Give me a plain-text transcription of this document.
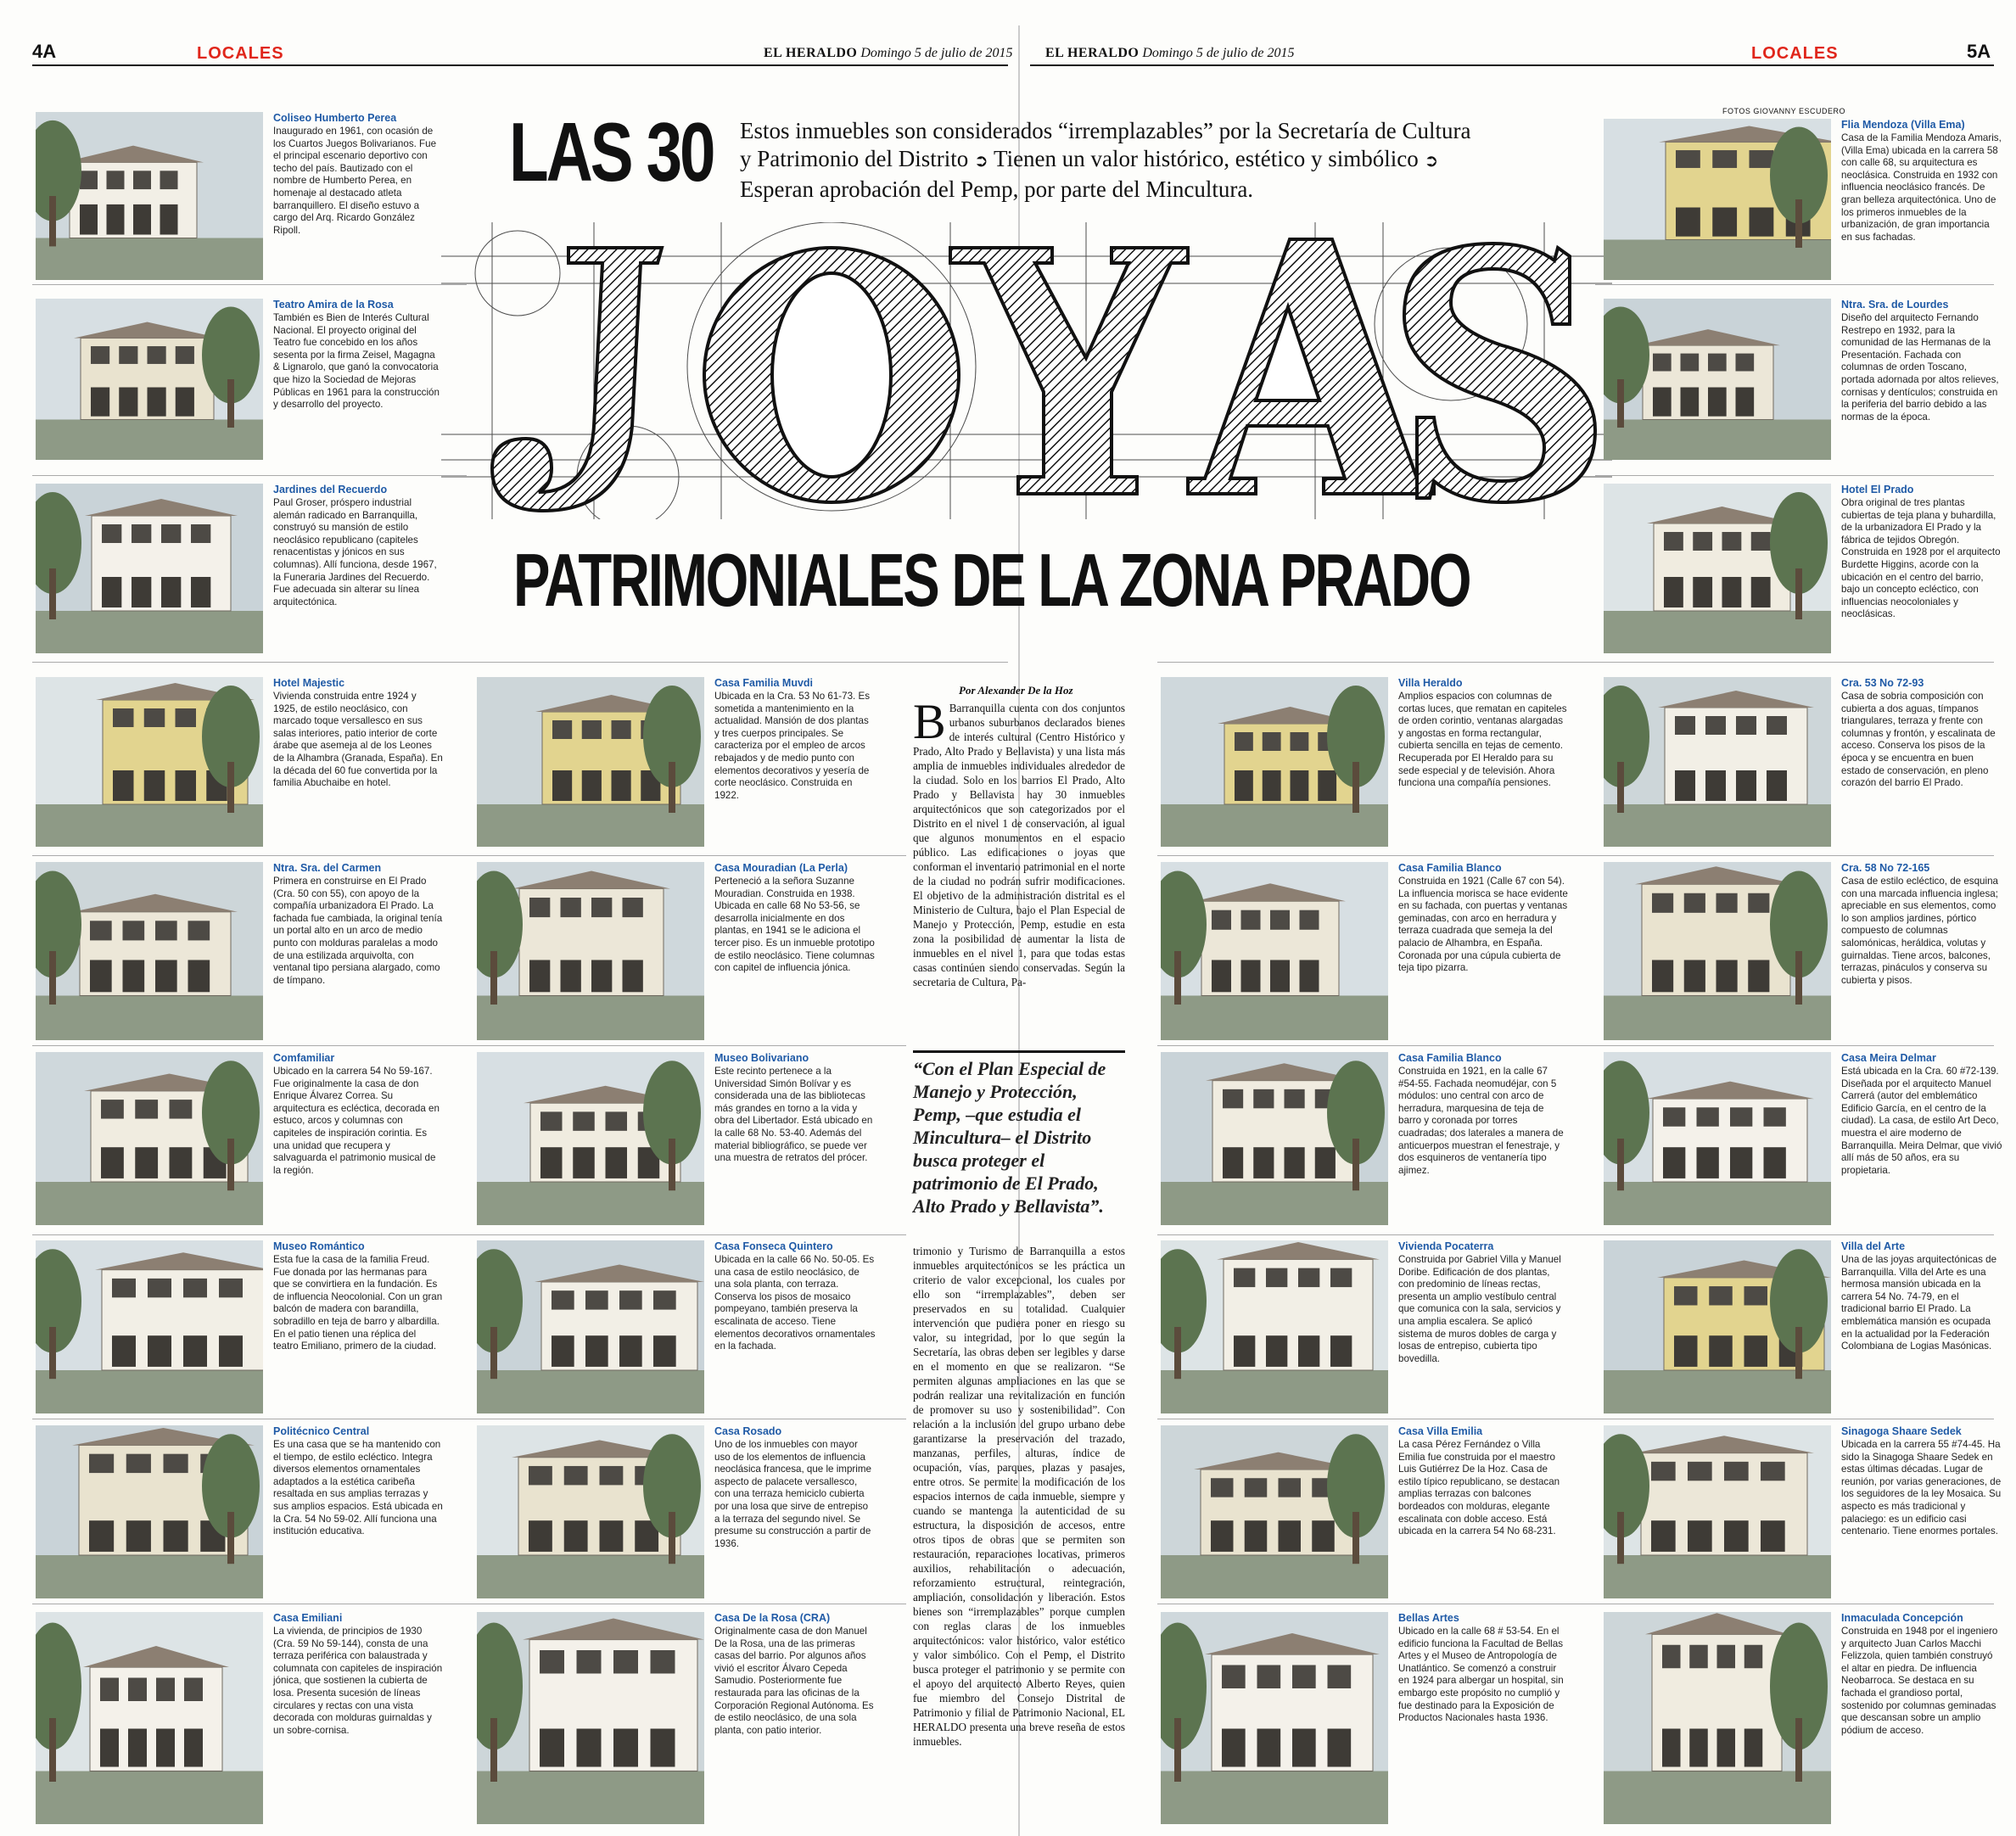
4A	LOCALES	EL HERALDO Domingo 5 de julio de 2015 EL HERALDO Domingo 5 de julio de 2015	LOCALES	5A
LAS 30 Estos inmuebles son considerados “irremplazables” por la Secretaría de Cultura y Patrimonio del Distrito ➲ Tienen un valor histórico, estético y simbólico ➲ Esperan aprobación del Pemp, por parte del Mincultura.
PATRIMONIALES DE LA ZONA PRADO
FOTOS GIOVANNY ESCUDERO
Por Alexander De la Hoz
B Barranquilla cuenta con dos conjuntos urbanos suburbanos declarados bienes de interés cultural (Centro Histórico y Prado, Alto Prado y Bellavista) y una lista más amplia de inmuebles individuales alrededor de la ciudad. Solo en los barrios El Prado, Alto Prado y Bellavista hay 30 inmuebles arquitectónicos que son categorizados por el Distrito en el nivel 1 de conservación, al igual que algunos monumentos en el espacio público. Las edificaciones o joyas que conforman el inventario patrimonial en el norte de la ciudad no podrán sufrir modificaciones. El objetivo de la administración distrital es el Ministerio de Cultura, bajo el Plan Especial de Manejo y Protección, Pemp, estudie en esta zona la posibilidad de aumentar la lista de inmuebles en el nivel 1, para que todas estas casas continúen siendo conservadas. Según la secretaria de Cultura, Pa-
“Con el Plan Especial de Manejo y Protección, Pemp, –que estudia el Mincultura– el Distrito busca proteger el patrimonio de El Prado, Alto Prado y Bellavista”.
trimonio y Turismo de Barranquilla a estos inmuebles arquitectónicos se les práctica un criterio de valor excepcional, los cuales por ello son “irremplazables”, deben ser preservados en su totalidad. Cualquier intervención que pudiera poner en riesgo su valor, su integridad, por lo que según la Secretaría, las obras deben ser legibles y darse en el momento en que se realizaron. “Se permiten algunas ampliaciones en las que se podrán realizar una revitalización en función de promover su uso y sostenibilidad”. Con relación a la inclusión del grupo urbano debe garantizarse la preservación del trazado, manzanas, perfiles, alturas, índice de ocupación, vías, parques, plazas y pasajes, entre otros. Se permite la modificación de los espacios internos de cada inmueble, siempre y cuando se mantenga la autenticidad de su estructura, la disposición de accesos, entre otros tipos de obras que se permiten son restauración, reparaciones locativas, primeros auxilios, rehabilitación o adecuación, reforzamiento estructural, reintegración, ampliación, consolidación y liberación. Estos bienes son “irremplazables” porque cumplen con reglas claras de los inmuebles arquitectónicos: valor histórico, valor estético y valor simbólico. Con el Pemp, el Distrito busca proteger el patrimonio y se permite con el apoyo del arquitecto Alberto Reyes, quien fue miembro del Consejo Distrital de Patrimonio y filial de Patrimonio Nacional, EL HERALDO presenta una breve reseña de estos inmuebles.
Coliseo Humberto Perea
Inaugurado en 1961, con ocasión de los Cuartos Juegos Bolivarianos. Fue el principal escenario deportivo con techo del país. Bautizado con el nombre de Humberto Perea, en homenaje al destacado atleta barranquillero. El diseño estuvo a cargo del Arq. Ricardo González Ripoll.
Teatro Amira de la Rosa
También es Bien de Interés Cultural Nacional. El proyecto original del Teatro fue concebido en los años sesenta por la firma Zeisel, Magagna & Lignarolo, que ganó la convocatoria que hizo la Sociedad de Mejoras Públicas en 1961 para la construcción y desarrollo del proyecto.
Jardines del Recuerdo
Paul Groser, próspero industrial alemán radicado en Barranquilla, construyó su mansión de estilo neoclásico republicano (capiteles renacentistas y jónicos en sus columnas). Allí funciona, desde 1967, la Funeraria Jardines del Recuerdo. Fue adecuada sin alterar su línea arquitectónica.
Hotel Majestic
Vivienda construida entre 1924 y 1925, de estilo neoclásico, con marcado toque versallesco en sus salas interiores, patio interior de corte árabe que asemeja al de los Leones de la Alhambra (Granada, España). En la década del 60 fue convertida por la familia Abuchaibe en hotel.
Ntra. Sra. del Carmen
Primera en construirse en El Prado (Cra. 50 con 55), con apoyo de la compañía urbanizadora El Prado. La fachada fue cambiada, la original tenía un portal alto en un arco de medio punto con molduras paralelas a modo de una estilizada arquivolta, con ventanal tipo persiana alargado, como de tímpano.
Comfamiliar
Ubicado en la carrera 54 No 59-167. Fue originalmente la casa de don Enrique Álvarez Correa. Su arquitectura es ecléctica, decorada en estuco, arcos y columnas con capiteles de inspiración corintia. Es una unidad que recupera y salvaguarda el patrimonio musical de la región.
Museo Romántico
Esta fue la casa de la familia Freud. Fue donada por las hermanas para que se convirtiera en la fundación. Es de influencia Neocolonial. Con un gran balcón de madera con barandilla, sobradillo en teja de barro y albardilla. En el patio tienen una réplica del teatro Emiliano, primero de la ciudad.
Politécnico Central
Es una casa que se ha mantenido con el tiempo, de estilo ecléctico. Integra diversos elementos ornamentales adaptados a la estética caribeña resaltada en sus amplias terrazas y sus amplios espacios. Está ubicada en la Cra. 54 No 59-02. Allí funciona una institución educativa.
Casa Emiliani
La vivienda, de principios de 1930 (Cra. 59 No 59-144), consta de una terraza periférica con balaustrada y columnata con capiteles de inspiración jónica, que sostienen la cubierta de losa. Presenta sucesión de líneas circulares y rectas con una vista decorada con molduras guirnaldas y un sobre-cornisa.
Casa Familia Muvdi
Ubicada en la Cra. 53 No 61-73. Es sometida a mantenimiento en la actualidad. Mansión de dos plantas y tres cuerpos principales. Se caracteriza por el empleo de arcos rebajados y de medio punto con elementos decorativos y yesería de corte neoclásico. Construida en 1922.
Casa Mouradian (La Perla)
Perteneció a la señora Suzanne Mouradian. Construida en 1938. Ubicada en calle 68 No 53-56, se desarrolla inicialmente en dos plantas, en 1941 se le adiciona el tercer piso. Es un inmueble prototipo de estilo neoclásico. Tiene columnas con capitel de influencia jónica.
Museo Bolivariano
Este recinto pertenece a la Universidad Simón Bolívar y es considerada una de las bibliotecas más grandes en torno a la vida y obra del Libertador. Está ubicado en la calle 68 No. 53-40. Además del material bibliográfico, se puede ver una muestra de retratos del prócer.
Casa Fonseca Quintero
Ubicada en la calle 66 No. 50-05. Es una casa de estilo neoclásico, de una sola planta, con terraza. Conserva los pisos de mosaico pompeyano, también preserva la escalinata de acceso. Tiene elementos decorativos ornamentales en la fachada.
Casa Rosado
Uno de los inmuebles con mayor uso de los elementos de influencia neoclásica francesa, que le imprime aspecto de palacete versallesco, con una terraza hemiciclo cubierta por una losa que sirve de entrepiso a la terraza del segundo nivel. Se presume su construcción a partir de 1936.
Casa De la Rosa (CRA)
Originalmente casa de don Manuel De la Rosa, una de las primeras casas del barrio. Por algunos años vivió el escritor Álvaro Cepeda Samudio. Posteriormente fue restaurada para las oficinas de la Corporación Regional Autónoma. Es de estilo neoclásico, de una sola planta, con patio interior.
Villa Heraldo
Amplios espacios con columnas de cortas luces, que rematan en capiteles de orden corintio, ventanas alargadas y angostas en forma rectangular, cubierta sencilla en tejas de cemento. Recuperada por El Heraldo para su sede especial y de televisión. Ahora funciona una compañía pensiones.
Casa Familia Blanco
Construida en 1921 (Calle 67 con 54). La influencia morisca se hace evidente en su fachada, con puertas y ventanas geminadas, con arco en herradura y terraza cuadrada que semeja la del palacio de Alhambra, en España. Coronada por una cúpula cubierta de teja tipo pizarra.
Casa Familia Blanco
Construida en 1921, en la calle 67 #54-55. Fachada neomudéjar, con 5 módulos: uno central con arco de herradura, marquesina de teja de barro y coronada por torres cuadradas; dos laterales a manera de anticuerpos muestran el fenestraje, y dos esquineros de ventanería tipo ajimez.
Vivienda Pocaterra
Construida por Gabriel Villa y Manuel Doribe. Edificación de dos plantas, con predominio de líneas rectas, presenta un amplio vestíbulo central que comunica con la sala, servicios y una amplia escalera. Se aplicó sistema de muros dobles de carga y losas de entrepiso, cubierta tipo bovedilla.
Casa Villa Emilia
La casa Pérez Fernández o Villa Emilia fue construida por el maestro Luis Gutiérrez De la Hoz. Casa de estilo típico republicano, se destacan amplias terrazas con balcones bordeados con molduras, elegante escalinata con doble acceso. Está ubicada en la carrera 54 No 68-231.
Bellas Artes
Ubicado en la calle 68 # 53-54. En el edificio funciona la Facultad de Bellas Artes y el Museo de Antropología de Unatlántico. Se comenzó a construir en 1924 para albergar un hospital, sin embargo este propósito no cumplió y fue destinado para la Exposición de Productos Nacionales hasta 1936.
Flia Mendoza (Villa Ema)
Casa de la Familia Mendoza Amaris, (Villa Ema) ubicada en la carrera 58 con calle 68, su arquitectura es neoclásica. Construida en 1932 con influencia neoclásico francés. De gran belleza arquitectónica. Uno de los primeros inmuebles de la urbanización, de gran importancia en sus fachadas.
Ntra. Sra. de Lourdes
Diseño del arquitecto Fernando Restrepo en 1932, para la comunidad de las Hermanas de la Presentación. Fachada con columnas de orden Toscano, portada adornada por altos relieves, cornisas y dentículos; construida en la periferia del barrio debido a las normas de la época.
Hotel El Prado
Obra original de tres plantas cubiertas de teja plana y buhardilla, de la urbanizadora El Prado y la fábrica de tejidos Obregón. Construida en 1928 por el arquitecto Burdette Higgins, acorde con la ubicación en el centro del barrio, bajo un concepto ecléctico, con influencias neocoloniales y neoclásicas.
Cra. 53 No 72-93
Casa de sobria composición con cubierta a dos aguas, tímpanos triangulares, terraza y frente con columnas y frontón, y escalinata de acceso. Conserva los pisos de la época y se encuentra en buen estado de conservación, en pleno corazón del barrio El Prado.
Cra. 58 No 72-165
Casa de estilo ecléctico, de esquina con una marcada influencia inglesa; apreciable en sus elementos, como lo son amplios jardines, pórtico compuesto de columnas salomónicas, heráldica, volutas y guirnaldas. Tiene arcos, balcones, terrazas, pináculos y conserva su cubierta y pisos.
Casa Meira Delmar
Está ubicada en la Cra. 60 #72-139. Diseñada por el arquitecto Manuel Carrerá (autor del emblemático Edificio García, en el centro de la ciudad). La casa, de estilo Art Deco, muestra el aire moderno de Barranquilla. Meira Delmar, que vivió allí más de 50 años, era su propietaria.
Villa del Arte
Una de las joyas arquitectónicas de Barranquilla. Villa del Arte es una hermosa mansión ubicada en la carrera 54 No. 74-79, en el tradicional barrio El Prado. La emblemática mansión es ocupada en la actualidad por la Federación Colombiana de Logias Masónicas.
Sinagoga Shaare Sedek
Ubicada en la carrera 55 #74-45. Ha sido la Sinagoga Shaare Sedek en estas últimas décadas. Lugar de reunión, por varias generaciones, de los seguidores de la ley Mosaica. Su aspecto es más tradicional y palaciego: es un edificio casi centenario. Tiene enormes portales.
Inmaculada Concepción
Construida en 1948 por el ingeniero y arquitecto Juan Carlos Macchi Felizzola, quien también construyó el altar en piedra. De influencia Neobarroca. Se destaca en su fachada el grandioso portal, sostenido por columnas geminadas que descansan sobre un amplio pódium de acceso.
